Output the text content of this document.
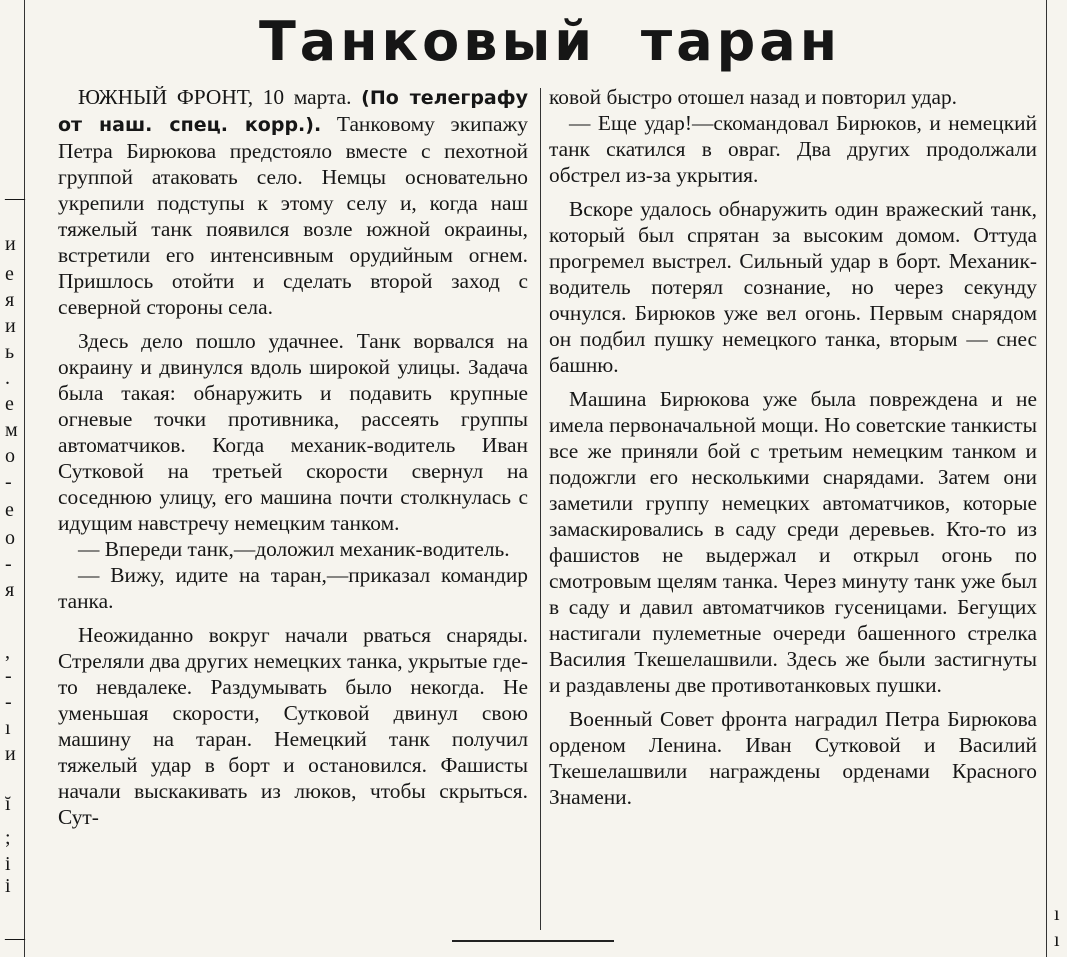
—
и
е
я
и
ь
.
е
м
о
-
е
о
-
я
,
-
-
ı
и
ĭ
;
і
і
—
ı
ı
Танковый таран

ЮЖНЫЙ ФРОНТ, 10 марта. (По телеграфу от наш. спец. корр.). Танковому экипажу Петра Бирюкова предстояло вместе с пехотной группой атаковать село. Немцы основательно укрепили подступы к этому селу и, когда наш тяжелый танк появился возле южной окраины, встретили его интенсивным орудийным огнем. Пришлось отойти и сделать второй заход с северной стороны села.

Здесь дело пошло удачнее. Танк ворвался на окраину и двинулся вдоль широкой улицы. Задача была такая: обнаружить и подавить крупные огневые точки противника, рассеять группы автоматчиков. Когда механик-водитель Иван Сутковой на третьей скорости свернул на соседнюю улицу, его машина почти столкнулась с идущим навстречу немецким танком.

— Впереди танк,—доложил механик-водитель.

— Вижу, идите на таран,—приказал командир танка.

Неожиданно вокруг начали рваться снаряды. Стреляли два других немецких танка, укрытые где-то невдалеке. Раздумывать было некогда. Не уменьшая скорости, Сутковой двинул свою машину на таран. Немецкий танк получил тяжелый удар в борт и остановился. Фашисты начали выскакивать из люков, чтобы скрыться. Сут-

ковой быстро отошел назад и повторил удар.

— Еще удар!—скомандовал Бирюков, и немецкий танк скатился в овраг. Два других продолжали обстрел из-за укрытия.

Вскоре удалось обнаружить один вражеский танк, который был спрятан за высоким домом. Оттуда прогремел выстрел. Сильный удар в борт. Механик-водитель потерял сознание, но через секунду очнулся. Бирюков уже вел огонь. Первым снарядом он подбил пушку немецкого танка, вторым — снес башню.

Машина Бирюкова уже была повреждена и не имела первоначальной мощи. Но советские танкисты все же приняли бой с третьим немецким танком и подожгли его несколькими снарядами. Затем они заметили группу немецких автоматчиков, которые замаскировались в саду среди деревьев. Кто-то из фашистов не выдержал и открыл огонь по смотровым щелям танка. Через минуту танк уже был в саду и давил автоматчиков гусеницами. Бегущих настигали пулеметные очереди башенного стрелка Василия Ткешелашвили. Здесь же были застигнуты и раздавлены две противотанковых пушки.

Военный Совет фронта наградил Петра Бирюкова орденом Ленина. Иван Сутковой и Василий Ткешелашвили награждены орденами Красного Знамени.
